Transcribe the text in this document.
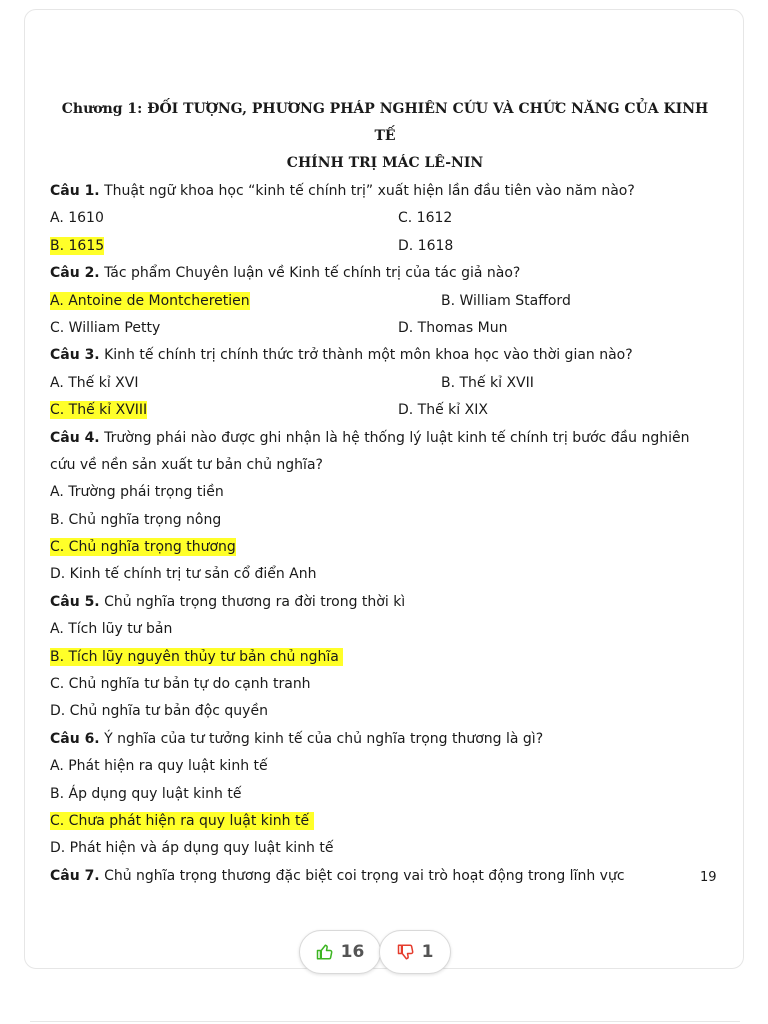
Chương 1: ĐỐI TƯỢNG, PHƯƠNG PHÁP NGHIÊN CỨU VÀ CHỨC NĂNG CỦA KINH TẾ
CHÍNH TRỊ MÁC LÊ-NIN
Câu 1. Thuật ngữ khoa học “kinh tế chính trị” xuất hiện lần đầu tiên vào năm nào?
A. 1610	C. 1612
B. 1615	D. 1618
Câu 2. Tác phẩm Chuyên luận về Kinh tế chính trị của tác giả nào?
A. Antoine de Montcheretien	B. William Stafford
C. William Petty	D. Thomas Mun
Câu 3. Kinh tế chính trị chính thức trở thành một môn khoa học vào thời gian nào?
A. Thế kỉ XVI	B. Thế kỉ XVII
C. Thế kỉ XVIII	D. Thế kỉ XIX
Câu 4. Trường phái nào được ghi nhận là hệ thống lý luật kinh tế chính trị bước đầu nghiên
cứu về nền sản xuất tư bản chủ nghĩa?
A. Trường phái trọng tiền
B. Chủ nghĩa trọng nông
C. Chủ nghĩa trọng thương
D. Kinh tế chính trị tư sản cổ điển Anh
Câu 5. Chủ nghĩa trọng thương ra đời trong thời kì
A. Tích lũy tư bản
B. Tích lũy nguyên thủy tư bản chủ nghĩa
C. Chủ nghĩa tư bản tự do cạnh tranh
D. Chủ nghĩa tư bản độc quyền
Câu 6. Ý nghĩa của tư tưởng kinh tế của chủ nghĩa trọng thương là gì?
A. Phát hiện ra quy luật kinh tế
B. Áp dụng quy luật kinh tế
C. Chưa phát hiện ra quy luật kinh tế
D. Phát hiện và áp dụng quy luật kinh tế
Câu 7. Chủ nghĩa trọng thương đặc biệt coi trọng vai trò hoạt động trong lĩnh vực	19
16	1
